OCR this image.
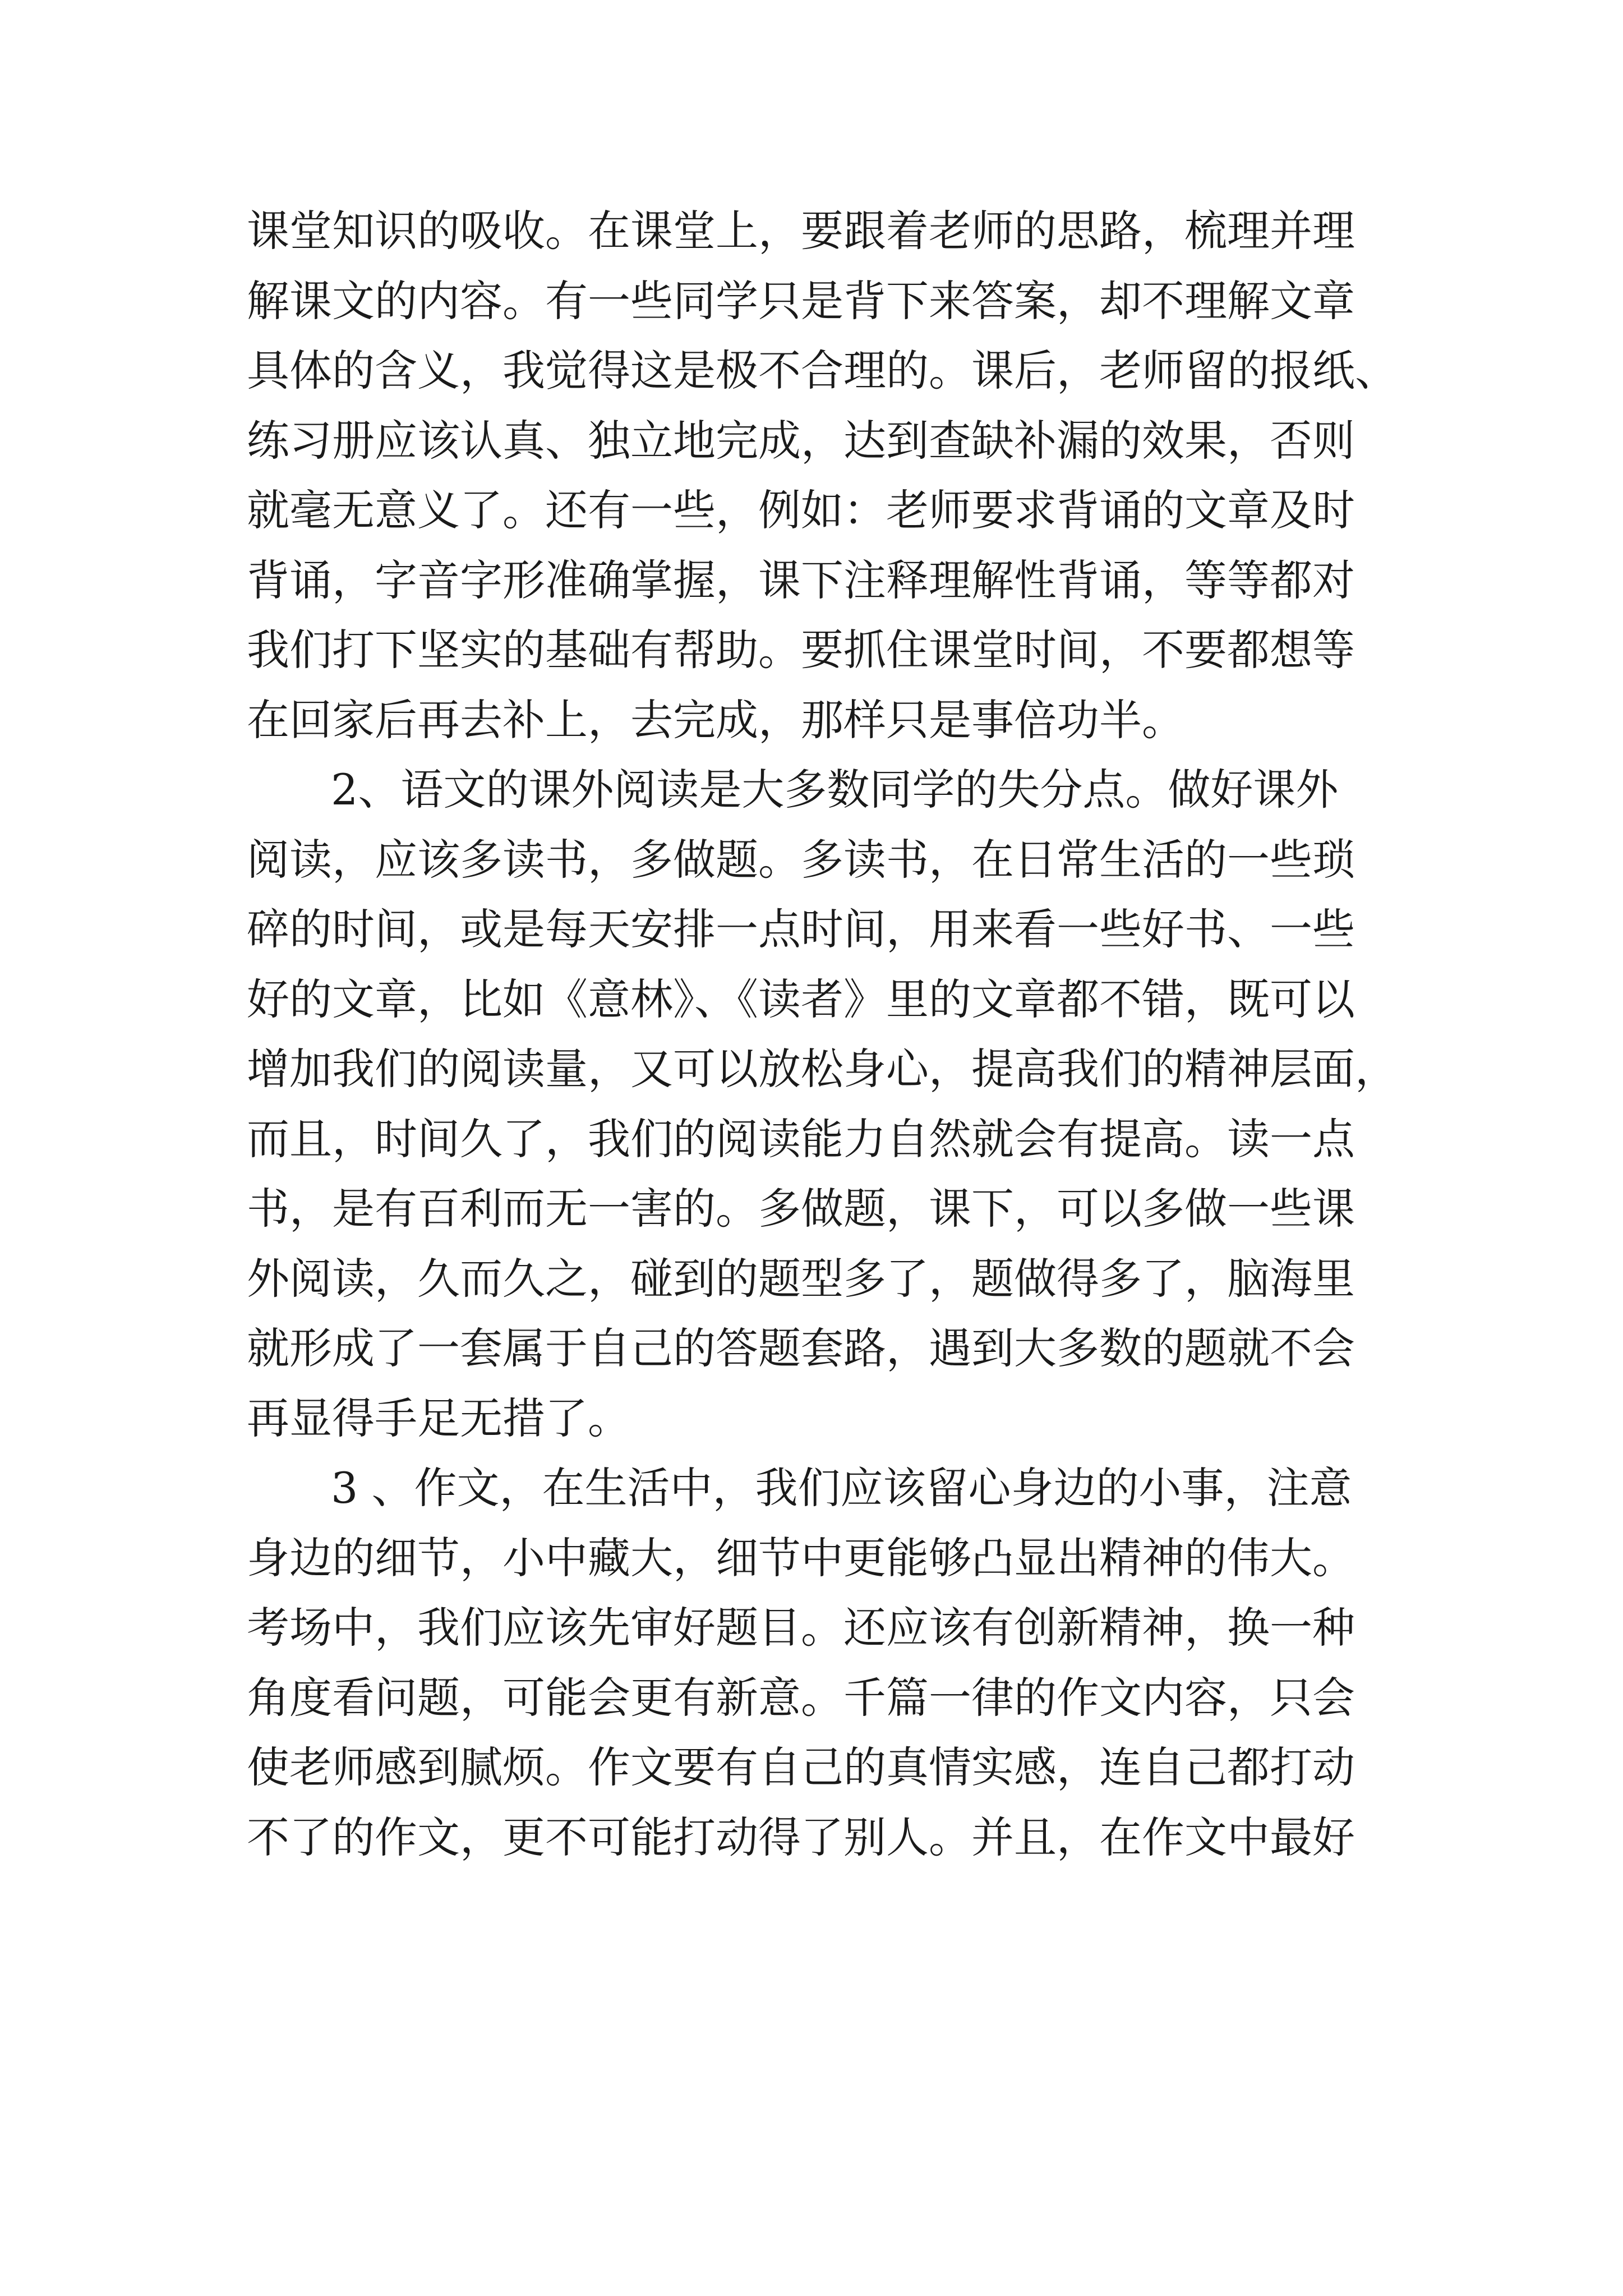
课堂知识的吸收。在课堂上，要跟着老师的思路，梳理并理
解课文的内容。有一些同学只是背下来答案，却不理解文章
具体的含义，我觉得这是极不合理的。课后，老师留的报纸、
练习册应该认真、独立地完成，达到查缺补漏的效果，否则
就毫无意义了。还有一些，例如：老师要求背诵的文章及时
背诵，字音字形准确掌握，课下注释理解性背诵，等等都对
我们打下坚实的基础有帮助。要抓住课堂时间，不要都想等
在回家后再去补上，去完成，那样只是事倍功半。
2、语文的课外阅读是大多数同学的失分点。做好课外
阅读，应该多读书，多做题。多读书，在日常生活的一些琐
碎的时间，或是每天安排一点时间，用来看一些好书、一些
好的文章，比如《意林》、《读者》里的文章都不错，既可以
增加我们的阅读量，又可以放松身心，提高我们的精神层面，
而且，时间久了，我们的阅读能力自然就会有提高。读一点
书，是有百利而无一害的。多做题，课下，可以多做一些课
外阅读，久而久之，碰到的题型多了，题做得多了，脑海里
就形成了一套属于自己的答题套路，遇到大多数的题就不会
再显得手足无措了。
3 、作文，在生活中，我们应该留心身边的小事，注意
身边的细节，小中藏大，细节中更能够凸显出精神的伟大。
考场中，我们应该先审好题目。还应该有创新精神，换一种
角度看问题，可能会更有新意。千篇一律的作文内容，只会
使老师感到腻烦。作文要有自己的真情实感，连自己都打动
不了的作文，更不可能打动得了别人。并且，在作文中最好
